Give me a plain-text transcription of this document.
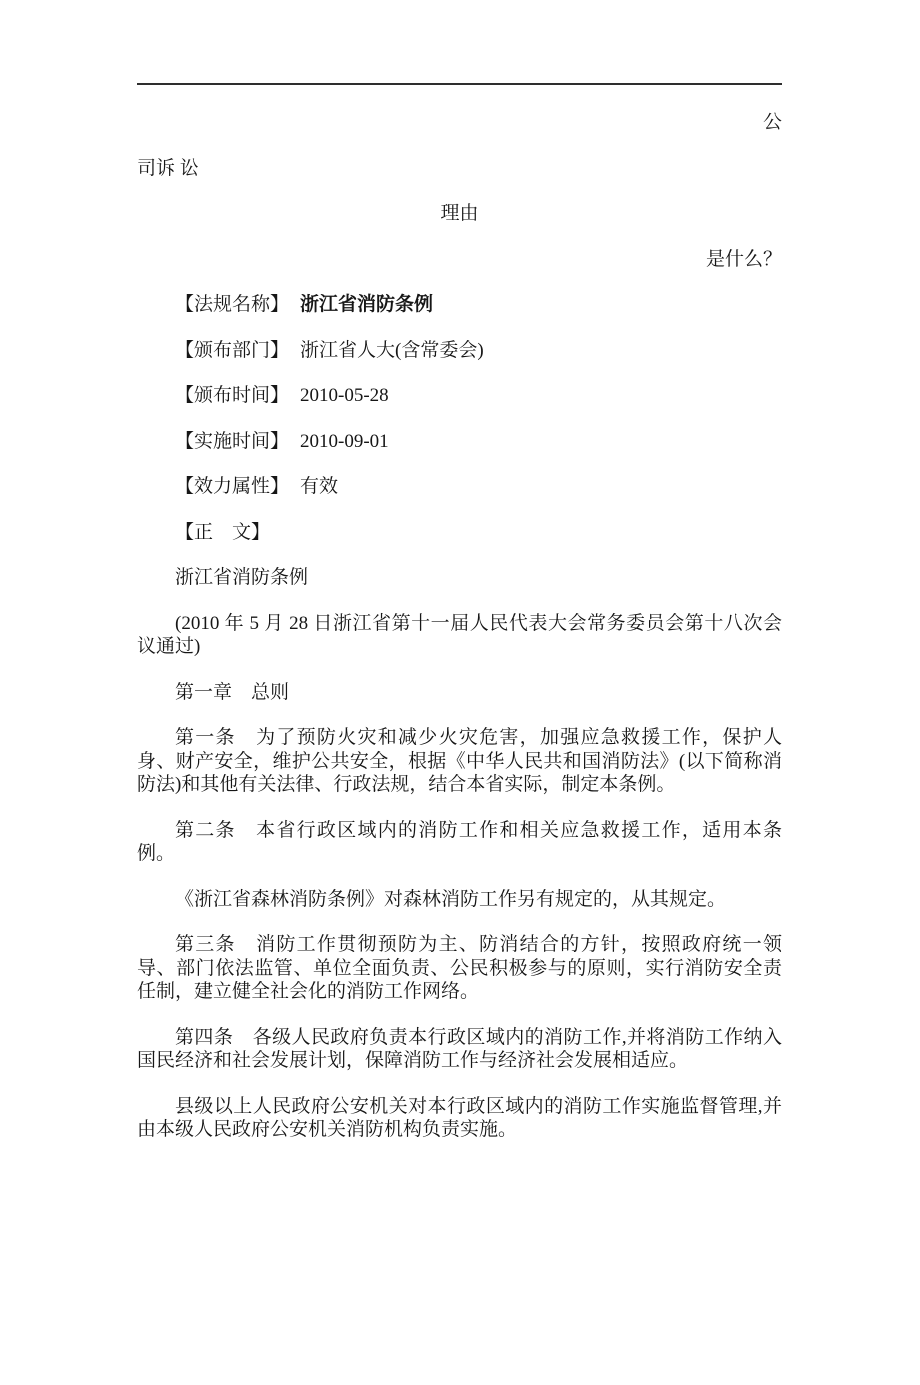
公

司诉 讼

理由

是什么？

【法规名称】 浙江省消防条例

【颁布部门】 浙江省人大(含常委会)

【颁布时间】 2010-05-28

【实施时间】 2010-09-01

【效力属性】 有效

【正　文】

浙江省消防条例

(2010 年 5 月 28 日浙江省第十一届人民代表大会常务委员会第十八次会议通过)

第一章　总则

第一条　为了预防火灾和减少火灾危害，加强应急救援工作，保护人身、财产安全，维护公共安全，根据《中华人民共和国消防法》(以下简称消防法)和其他有关法律、行政法规，结合本省实际，制定本条例。

第二条　本省行政区域内的消防工作和相关应急救援工作，适用本条例。

《浙江省森林消防条例》对森林消防工作另有规定的，从其规定。

第三条　消防工作贯彻预防为主、防消结合的方针，按照政府统一领导、部门依法监管、单位全面负责、公民积极参与的原则，实行消防安全责任制，建立健全社会化的消防工作网络。

第四条　各级人民政府负责本行政区域内的消防工作,并将消防工作纳入国民经济和社会发展计划，保障消防工作与经济社会发展相适应。

县级以上人民政府公安机关对本行政区域内的消防工作实施监督管理,并由本级人民政府公安机关消防机构负责实施。
